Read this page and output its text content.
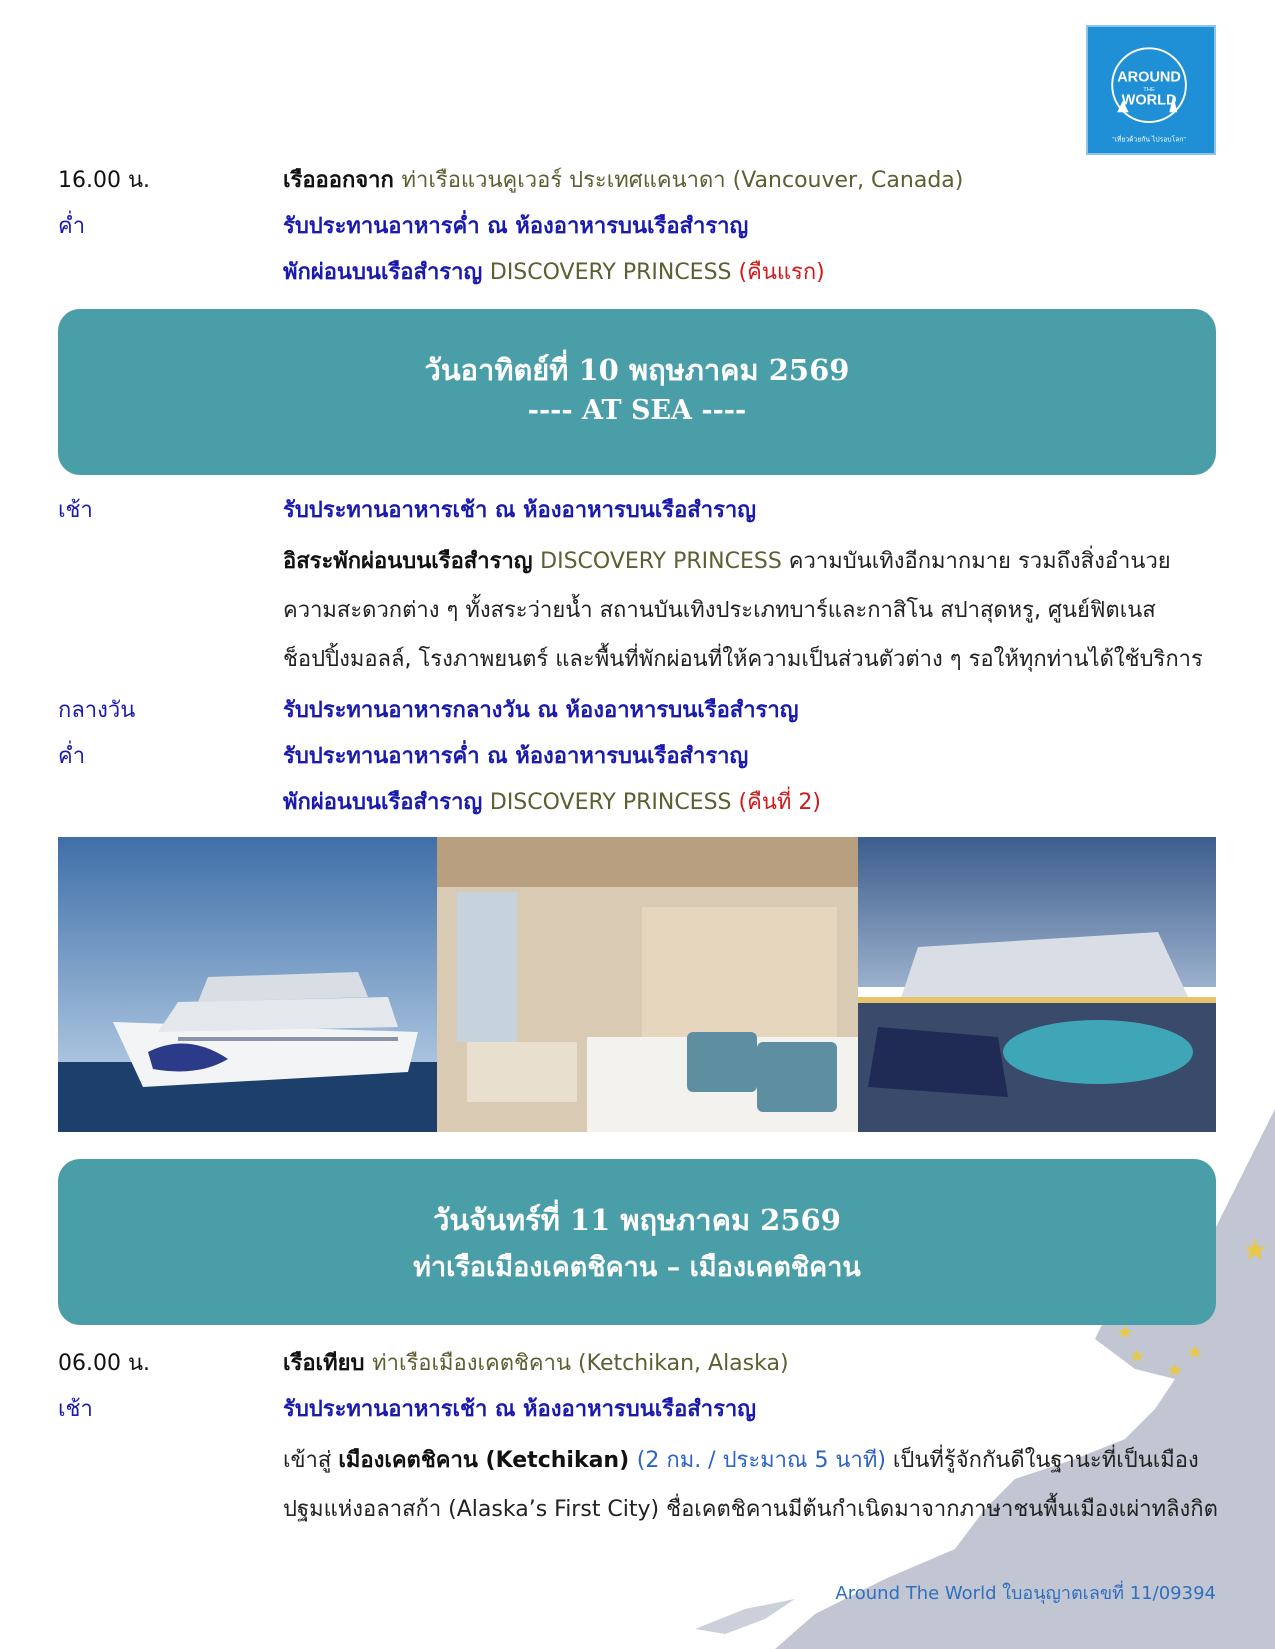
AROUND
THE
WORLD
"เที่ยวด้วยกัน ไปรอบโลก"
16.00 น.	เรือออกจาก ท่าเรือแวนคูเวอร์ ประเทศแคนาดา (Vancouver, Canada)
ค่ำ	รับประทานอาหารค่ำ ณ ห้องอาหารบนเรือสำราญ
พักผ่อนบนเรือสำราญ DISCOVERY PRINCESS (คืนแรก)
วันอาทิตย์ที่ 10 พฤษภาคม 2569
---- AT SEA ----
เช้า	รับประทานอาหารเช้า ณ ห้องอาหารบนเรือสำราญ
อิสระพักผ่อนบนเรือสำราญ DISCOVERY PRINCESS ความบันเทิงอีกมากมาย รวมถึงสิ่งอำนวย
ความสะดวกต่าง ๆ ทั้งสระว่ายน้ำ สถานบันเทิงประเภทบาร์และกาสิโน สปาสุดหรู, ศูนย์ฟิตเนส
ช็อปปิ้งมอลล์, โรงภาพยนตร์ และพื้นที่พักผ่อนที่ให้ความเป็นส่วนตัวต่าง ๆ รอให้ทุกท่านได้ใช้บริการ
กลางวัน	รับประทานอาหารกลางวัน ณ ห้องอาหารบนเรือสำราญ
ค่ำ	รับประทานอาหารค่ำ ณ ห้องอาหารบนเรือสำราญ
พักผ่อนบนเรือสำราญ DISCOVERY PRINCESS (คืนที่ 2)
วันจันทร์ที่ 11 พฤษภาคม 2569
ท่าเรือเมืองเคตชิคาน – เมืองเคตชิคาน
06.00 น.	เรือเทียบ ท่าเรือเมืองเคตชิคาน (Ketchikan, Alaska)
เช้า	รับประทานอาหารเช้า ณ ห้องอาหารบนเรือสำราญ
เข้าสู่ เมืองเคตชิคาน (Ketchikan) (2 กม. / ประมาณ 5 นาที) เป็นที่รู้จักกันดีในฐานะที่เป็นเมือง
ปฐมแห่งอลาสก้า (Alaska’s First City) ชื่อเคตชิคานมีต้นกำเนิดมาจากภาษาชนพื้นเมืองเผ่าทลิงกิต
Around The World ใบอนุญาตเลขที่ 11/09394
